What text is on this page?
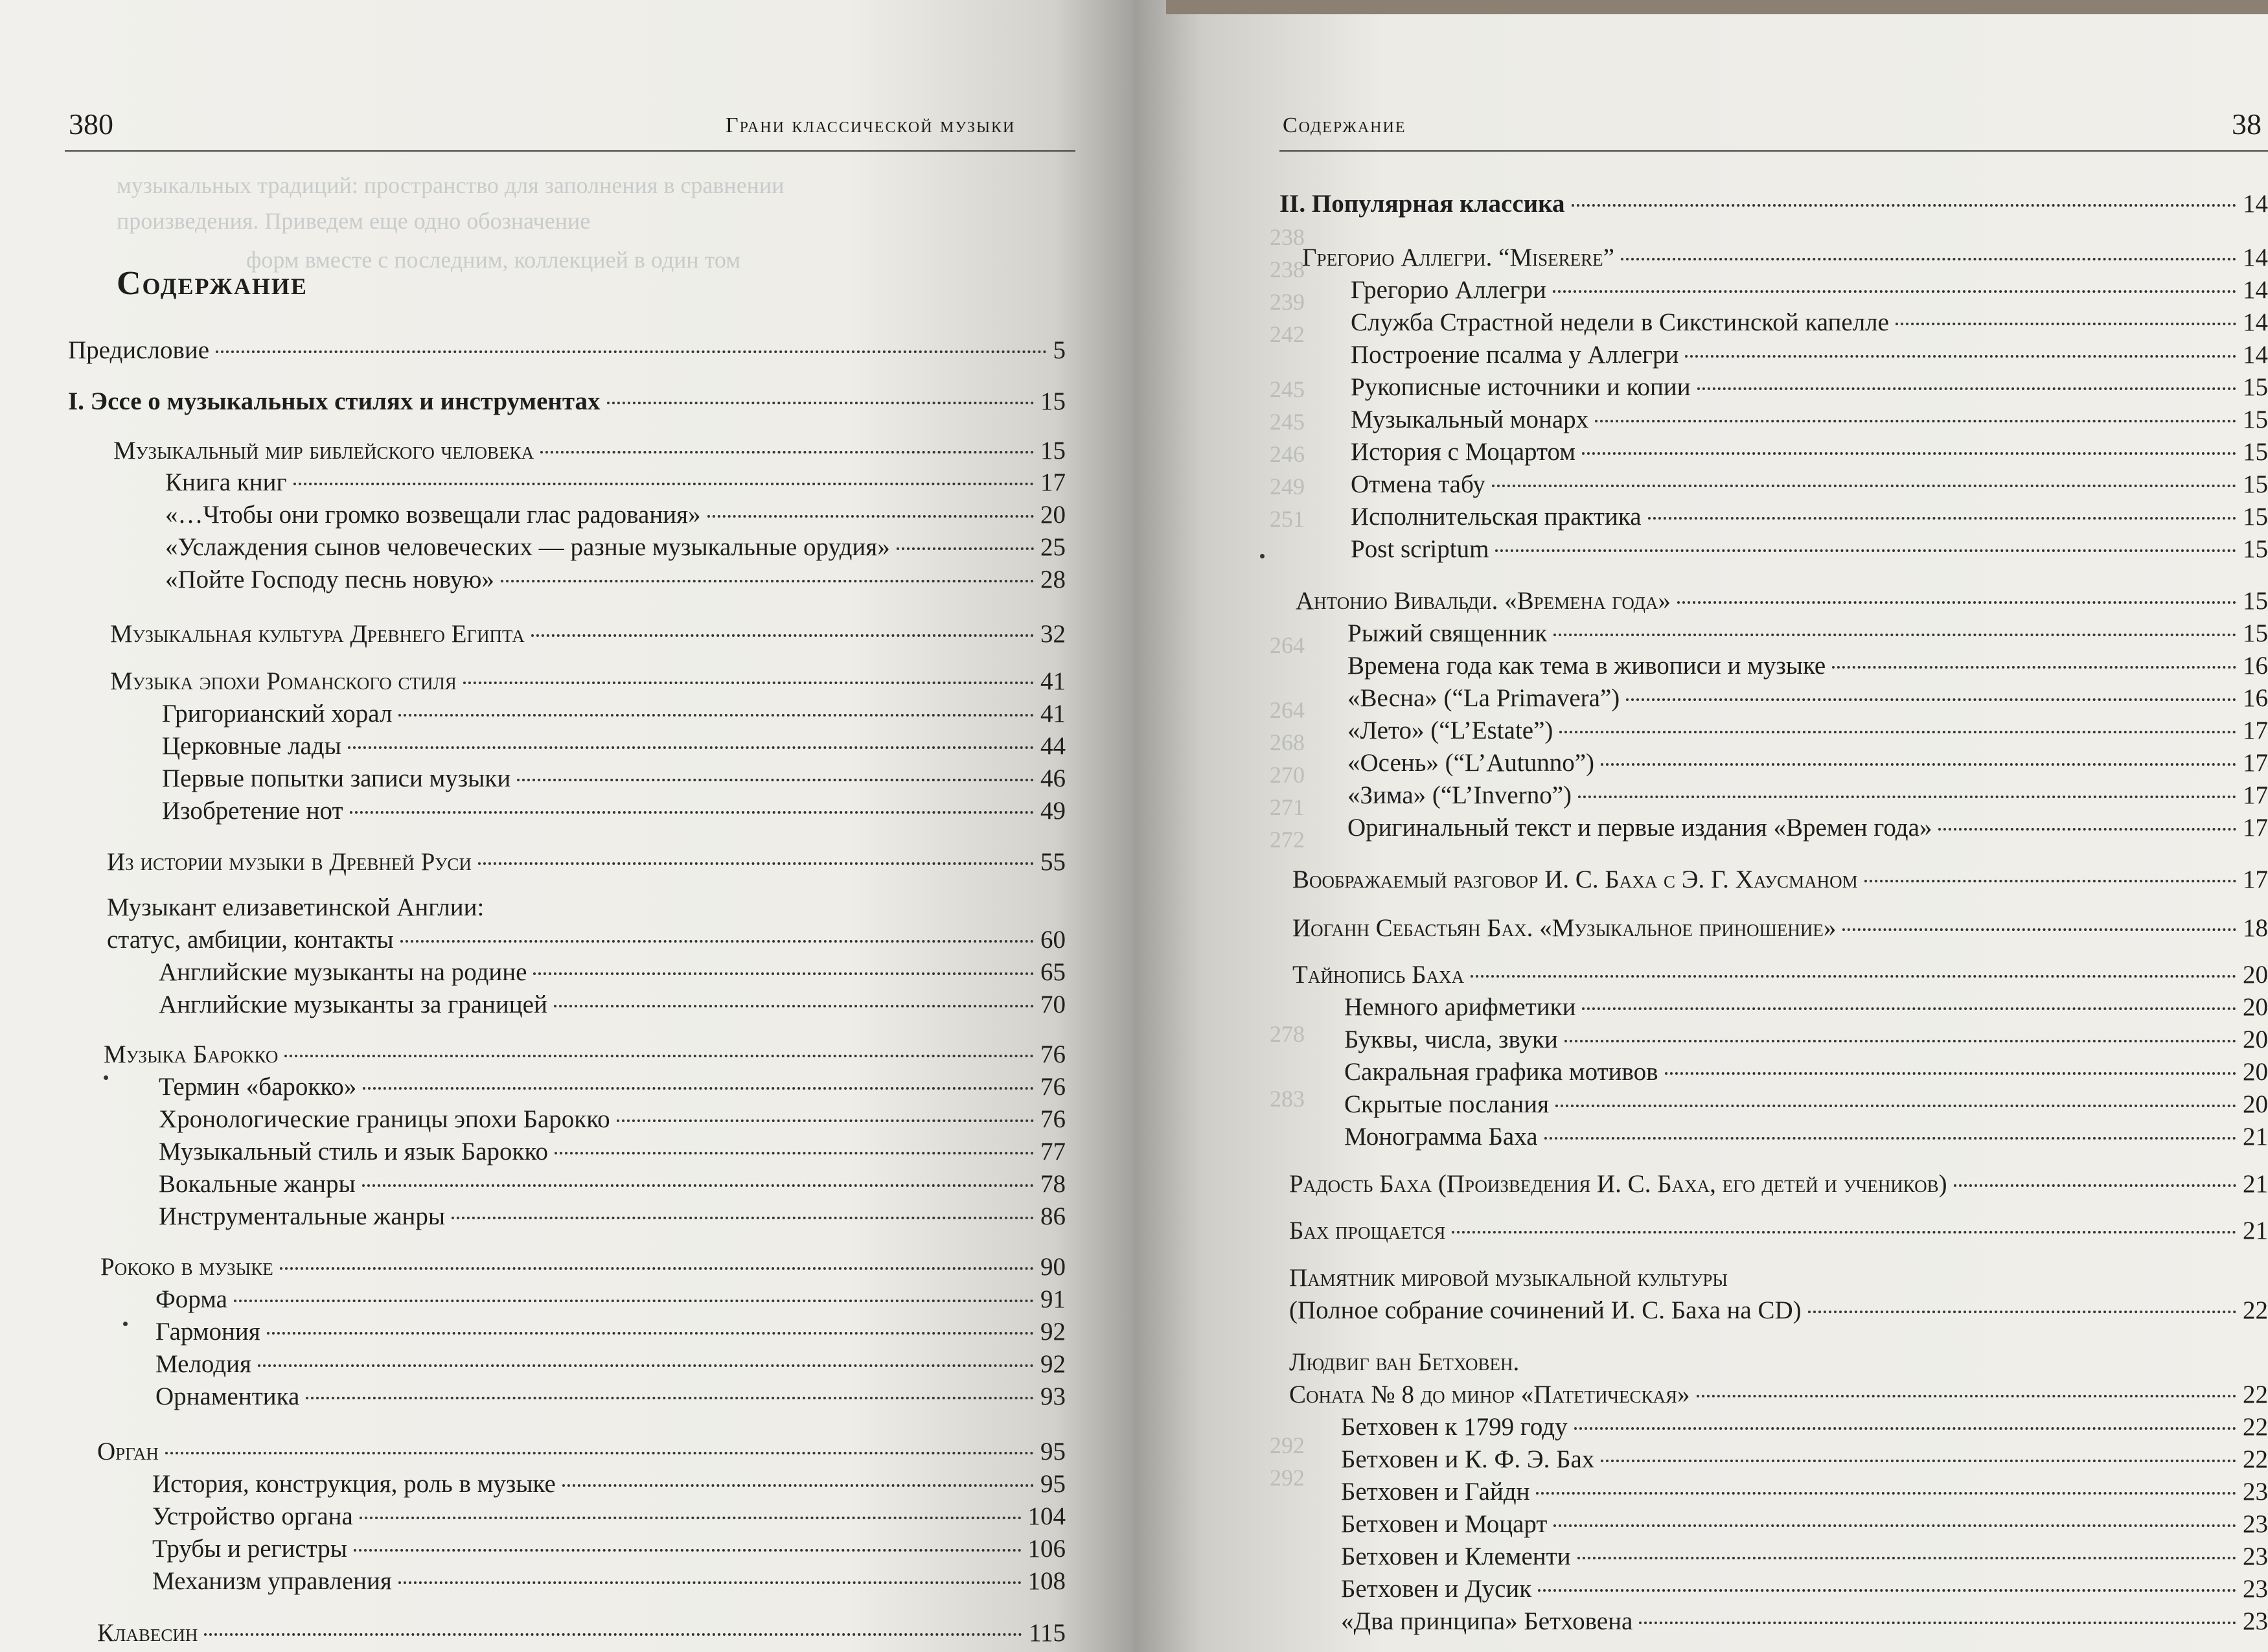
музыкальных традиций: пространство для заполнения в сравнении
произведения. Приведем еще одно обозначение
форм вместе с последним, коллекцией в один том
380	Грани классической музыки
Содержание
Предисловие	5
I. Эссе о музыкальных стилях и инструментах	15
Музыкальный мир библейского человека	15
Книга книг	17
«…Чтобы они громко возвещали глас радования»	20
«Услаждения сынов человеческих — разные музыкальные орудия»	25
«Пойте Господу песнь новую»	28
Музыкальная культура Древнего Египта	32
Музыка эпохи Романского стиля	41
Григорианский хорал	41
Церковные лады	44
Первые попытки записи музыки	46
Изобретение нот	49
Из истории музыки в Древней Руси	55
Музыкант елизаветинской Англии:
статус, амбиции, контакты	60
Английские музыканты на родине	65
Английские музыканты за границей	70
Музыка Барокко	76
Термин «барокко»	76
Хронологические границы эпохи Барокко	76
Музыкальный стиль и язык Барокко	77
Вокальные жанры	78
Инструментальные жанры	86
Рококо в музыке	90
Форма	91
Гармония	92
Мелодия	92
Орнаментика	93
Орган	95
История, конструкция, роль в музыке	95
Устройство органа	104
Трубы и регистры	106
Механизм управления	108
Клавесин	115
238
238
239
242
245
245
246
249
251
264
264
268
270
271
272
278
283
292
292
Содержание	38
II. Популярная классика	14
Грегорио Аллегри. “Miserere”	14
Грегорио Аллегри	14
Служба Страстной недели в Сикстинской капелле	14
Построение псалма у Аллегри	14
Рукописные источники и копии	15
Музыкальный монарх	15
История с Моцартом	15
Отмена табу	15
Исполнительская практика	15
Post scriptum	15
Антонио Вивальди. «Времена года»	15
Рыжий священник	15
Времена года как тема в живописи и музыке	16
«Весна» (“La Primavera”)	16
«Лето» (“L’Estate”)	17
«Осень» (“L’Autunno”)	17
«Зима» (“L’Inverno”)	17
Оригинальный текст и первые издания «Времен года»	17
Воображаемый разговор И. С. Баха с Э. Г. Хаусманом	17
Иоганн Себастьян Бах. «Музыкальное приношение»	18
Тайнопись Баха	20
Немного арифметики	20
Буквы, числа, звуки	20
Сакральная графика мотивов	20
Скрытые послания	20
Монограмма Баха	21
Радость Баха (Произведения И. С. Баха, его детей и учеников)	21
Бах прощается	21
Памятник мировой музыкальной культуры
(Полное собрание сочинений И. С. Баха на CD)	22
Людвиг ван Бетховен.
Соната № 8 до минор «Патетическая»	22
Бетховен к 1799 году	22
Бетховен и К. Ф. Э. Бах	22
Бетховен и Гайдн	23
Бетховен и Моцарт	23
Бетховен и Клементи	23
Бетховен и Дусик	23
«Два принципа» Бетховена	23
